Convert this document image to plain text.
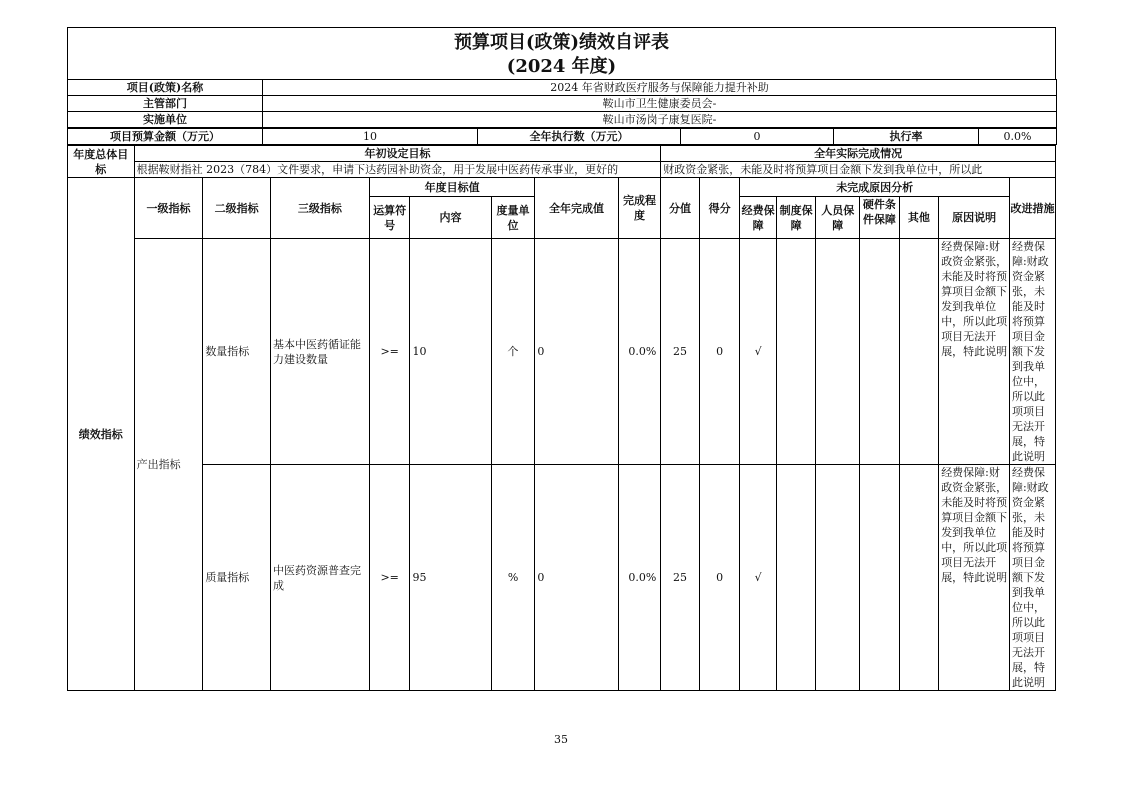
预算项目(政策)绩效自评表
(2024 年度)
项目(政策)名称	2024 年省财政医疗服务与保障能力提升补助
主管部门	鞍山市卫生健康委员会-
实施单位	鞍山市汤岗子康复医院-
项目预算金额（万元）	10	全年执行数（万元）	0	执行率	0.0%
年度总体目标	年初设定目标								全年实际完成情况								
	根据鞍财指社 2023（784）文件要求，申请下达药园补助资金，用于发展中医药传承事业，更好的								财政资金紧张，未能及时将预算项目金额下发到我单位中，所以此								
绩效指标	一级指标	二级指标	三级指标	年度目标值			全年完成值	完成程度	分值	得分	未完成原因分析						改进措施
				运算符号	内容	度量单位					经费保障	制度保障	人员保障	硬件条件保障	其他	原因说明	
	产出指标	数量指标	基本中医药循证能力建设数量	>=	10	个	0	0.0%	25	0	√					经费保障:财政资金紧张，未能及时将预算项目金额下发到我单位中，所以此项项目无法开展，特此说明	经费保障:财政资金紧张，未能及时将预算项目金额下发到我单位中，所以此项项目无法开展，特此说明
		质量指标	中医药资源普查完成	>=	95	%	0	0.0%	25	0	√					经费保障:财政资金紧张，未能及时将预算项目金额下发到我单位中，所以此项项目无法开展，特此说明	经费保障:财政资金紧张，未能及时将预算项目金额下发到我单位中，所以此项项目无法开展，特此说明
35
